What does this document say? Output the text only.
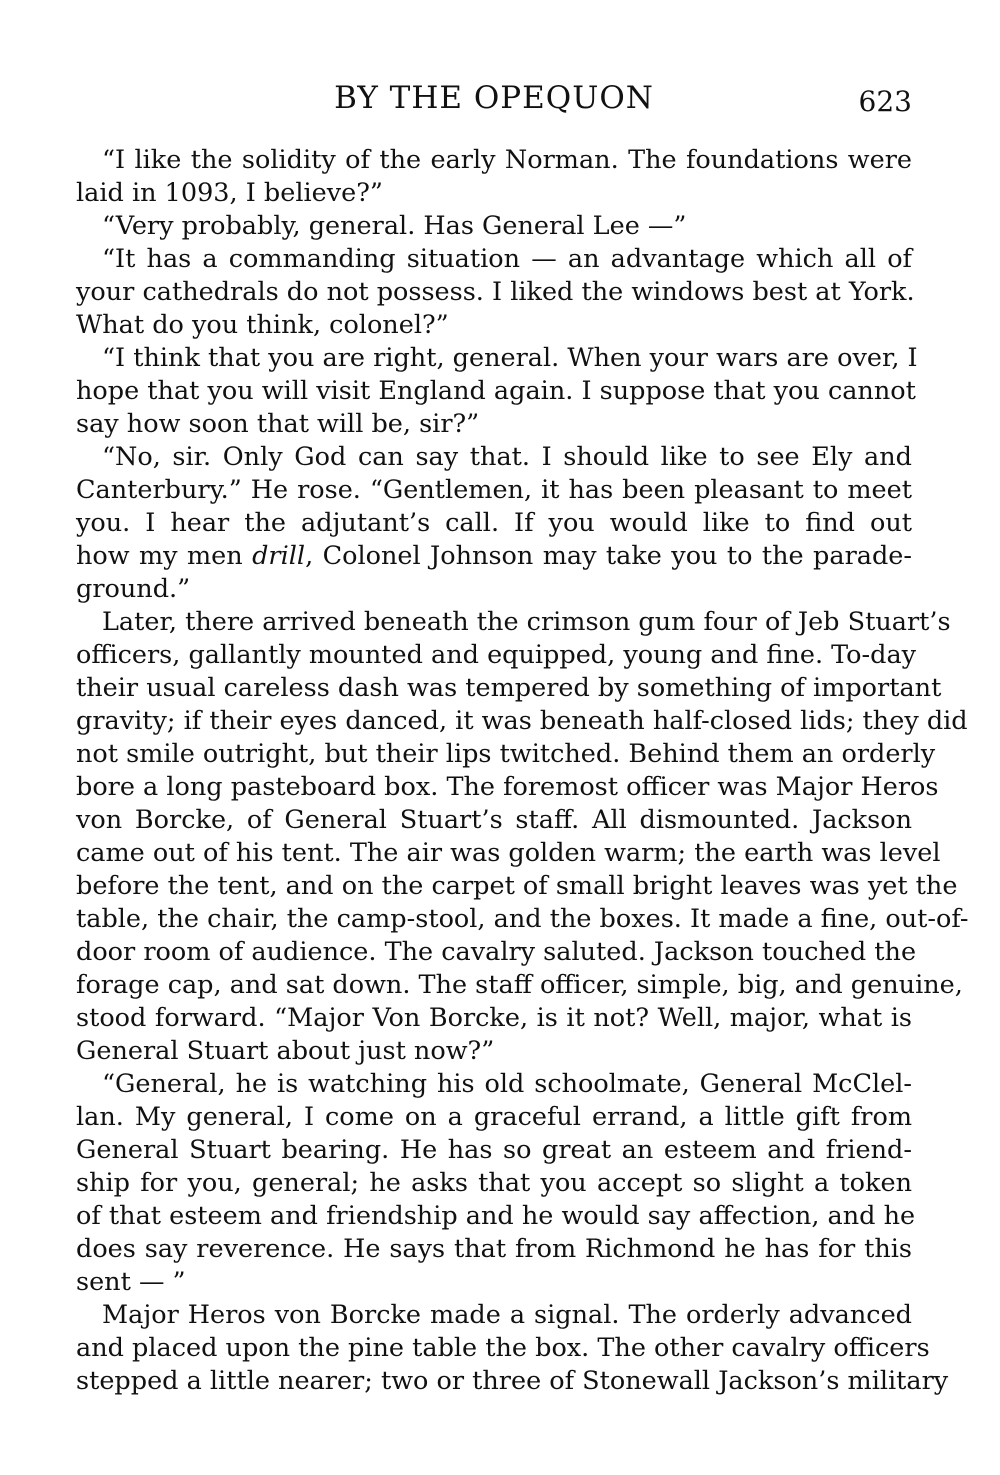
BY THE OPEQUON	623
“I like the solidity of the early Norman. The foundations were
laid in 1093, I believe?”
“Very probably, general. Has General Lee —”
“It has a commanding situation — an advantage which all of
your cathedrals do not possess. I liked the windows best at York.
What do you think, colonel?”
“I think that you are right, general. When your wars are over, I
hope that you will visit England again. I suppose that you cannot
say how soon that will be, sir?”
“No, sir. Only God can say that. I should like to see Ely and
Canterbury.” He rose. “Gentlemen, it has been pleasant to meet
you. I hear the adjutant’s call. If you would like to find out
how my men drill, Colonel Johnson may take you to the parade-
ground.”
Later, there arrived beneath the crimson gum four of Jeb Stuart’s
officers, gallantly mounted and equipped, young and fine. To-day
their usual careless dash was tempered by something of important
gravity; if their eyes danced, it was beneath half-closed lids; they did
not smile outright, but their lips twitched. Behind them an orderly
bore a long pasteboard box. The foremost officer was Major Heros
von Borcke, of General Stuart’s staff. All dismounted. Jackson
came out of his tent. The air was golden warm; the earth was level
before the tent, and on the carpet of small bright leaves was yet the
table, the chair, the camp-stool, and the boxes. It made a fine, out-of-
door room of audience. The cavalry saluted. Jackson touched the
forage cap, and sat down. The staff officer, simple, big, and genuine,
stood forward. “Major Von Borcke, is it not? Well, major, what is
General Stuart about just now?”
“General, he is watching his old schoolmate, General McClel-
lan. My general, I come on a graceful errand, a little gift from
General Stuart bearing. He has so great an esteem and friend-
ship for you, general; he asks that you accept so slight a token
of that esteem and friendship and he would say affection, and he
does say reverence. He says that from Richmond he has for this
sent — ”
Major Heros von Borcke made a signal. The orderly advanced
and placed upon the pine table the box. The other cavalry officers
stepped a little nearer; two or three of Stonewall Jackson’s military
